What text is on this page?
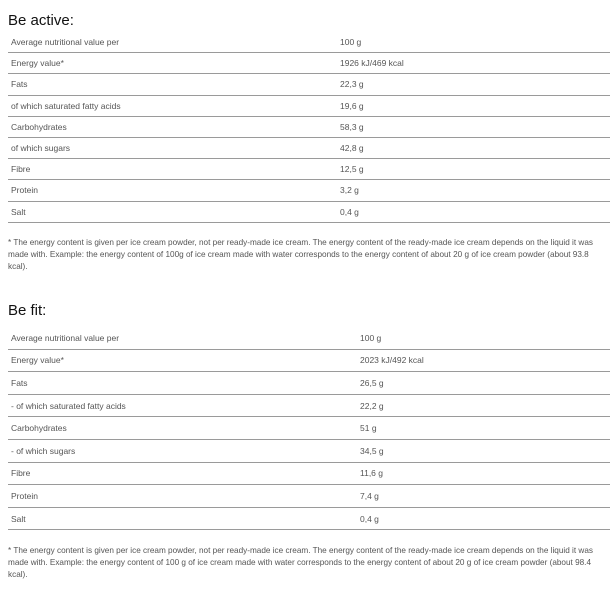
Be active:
Average nutritional value per	100 g
Energy value*	1926 kJ/469 kcal
Fats	22,3 g
of which saturated fatty acids	19,6 g
Carbohydrates	58,3 g
of which sugars	42,8 g
Fibre	12,5 g
Protein	3,2 g
Salt	0,4 g

* The energy content is given per ice cream powder, not per ready-made ice cream. The energy content of the ready-made ice cream depends on the liquid it was made with. Example: the energy content of 100g of ice cream made with water corresponds to the energy content of about 20 g of ice cream powder (about 93.8 kcal).

Be fit:
Average nutritional value per	100 g
Energy value*	2023 kJ/492 kcal
Fats	26,5 g
- of which saturated fatty acids	22,2 g
Carbohydrates	51 g
- of which sugars	34,5 g
Fibre	11,6 g
Protein	7,4 g
Salt	0,4 g

* The energy content is given per ice cream powder, not per ready-made ice cream. The energy content of the ready-made ice cream depends on the liquid it was made with. Example: the energy content of 100 g of ice cream made with water corresponds to the energy content of about 20 g of ice cream powder (about 98.4 kcal).
